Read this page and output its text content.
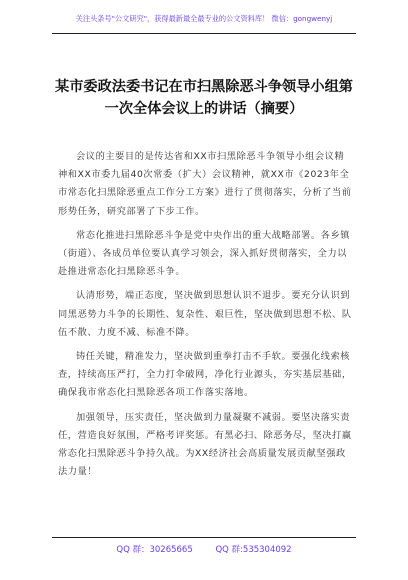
关注头条号"公文研究"，获得最新最全最专业的公文资料库！ 微信：gongwenyj
某市委政法委书记在市扫黑除恶斗争领导小组第
一次全体会议上的讲话（摘要）

会议的主要目的是传达省和XX市扫黑除恶斗争领导小组会议精神和XX市委九届40次常委（扩大）会议精神，就XX市《2023年全市常态化扫黑除恶重点工作分工方案》进行了贯彻落实，分析了当前形势任务，研究部署了下步工作。

常态化推进扫黑除恶斗争是党中央作出的重大战略部署。各乡镇（街道）、各成员单位要认真学习领会，深入抓好贯彻落实，全力以赴推进常态化扫黑除恶斗争。

认清形势，端正态度，坚决做到思想认识不退步。要充分认识到同黑恶势力斗争的长期性、复杂性、艰巨性，坚决做到思想不松、队伍不散、力度不减、标准不降。

铸任关键，精准发力，坚决做到重拳打击不手软。要强化线索核查，持续高压严打，全力打伞破网，净化行业源头，夯实基层基础，确保我市常态化扫黑除恶各项工作落实落地。

加强领导，压实责任，坚决做到力量凝聚不减弱。要坚决落实责任，营造良好氛围，严格考评奖惩。有黑必扫、除恶务尽，坚决打赢常态化扫黑除恶斗争持久战。为XX经济社会高质量发展贡献坚强政法力量！

QQ 群：30265665	QQ 群:535304092
